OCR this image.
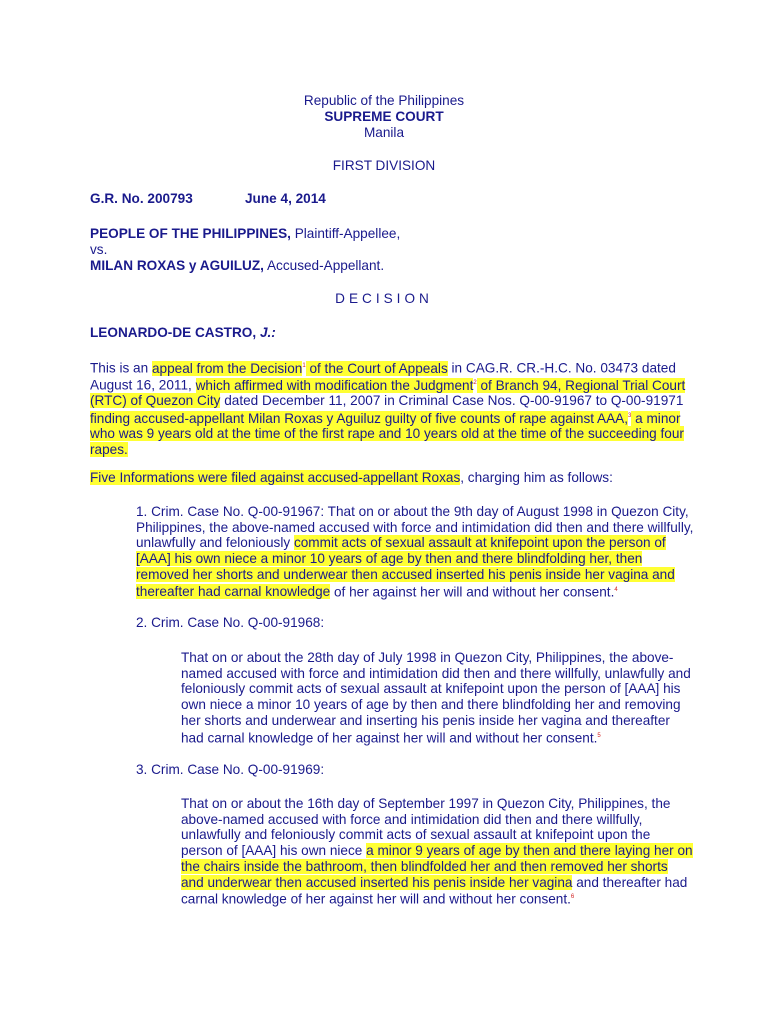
Republic of the Philippines
SUPREME COURT
Manila
FIRST DIVISION
G.R. No. 200793	June 4, 2014
PEOPLE OF THE PHILIPPINES, Plaintiff-Appellee,
vs.
MILAN ROXAS y AGUILUZ, Accused-Appellant.
DECISION
LEONARDO-DE CASTRO, J.:
This is an appeal from the Decision$^1$ of the Court of Appeals in CAG.R. CR.-H.C. No. 03473 dated
August 16, 2011, which affirmed with modification the Judgment$^2$ of Branch 94, Regional Trial Court
(RTC) of Quezon City dated December 11, 2007 in Criminal Case Nos. Q-00-91967 to Q-00-91971
finding accused-appellant Milan Roxas y Aguiluz guilty of five counts of rape against AAA,$^3$ a minor
who was 9 years old at the time of the first rape and 10 years old at the time of the succeeding four
rapes.
Five Informations were filed against accused-appellant Roxas, charging him as follows:
1. Crim. Case No. Q-00-91967: That on or about the 9th day of August 1998 in Quezon City,
Philippines, the above-named accused with force and intimidation did then and there willfully,
unlawfully and feloniously commit acts of sexual assault at knifepoint upon the person of
[AAA] his own niece a minor 10 years of age by then and there blindfolding her, then
removed her shorts and underwear then accused inserted his penis inside her vagina and
thereafter had carnal knowledge of her against her will and without her consent.$^4$
2. Crim. Case No. Q-00-91968:
That on or about the 28th day of July 1998 in Quezon City, Philippines, the above-
named accused with force and intimidation did then and there willfully, unlawfully and
feloniously commit acts of sexual assault at knifepoint upon the person of [AAA] his
own niece a minor 10 years of age by then and there blindfolding her and removing
her shorts and underwear and inserting his penis inside her vagina and thereafter
had carnal knowledge of her against her will and without her consent.$^5$
3. Crim. Case No. Q-00-91969:
That on or about the 16th day of September 1997 in Quezon City, Philippines, the
above-named accused with force and intimidation did then and there willfully,
unlawfully and feloniously commit acts of sexual assault at knifepoint upon the
person of [AAA] his own niece a minor 9 years of age by then and there laying her on
the chairs inside the bathroom, then blindfolded her and then removed her shorts
and underwear then accused inserted his penis inside her vagina and thereafter had
carnal knowledge of her against her will and without her consent.$^6$
